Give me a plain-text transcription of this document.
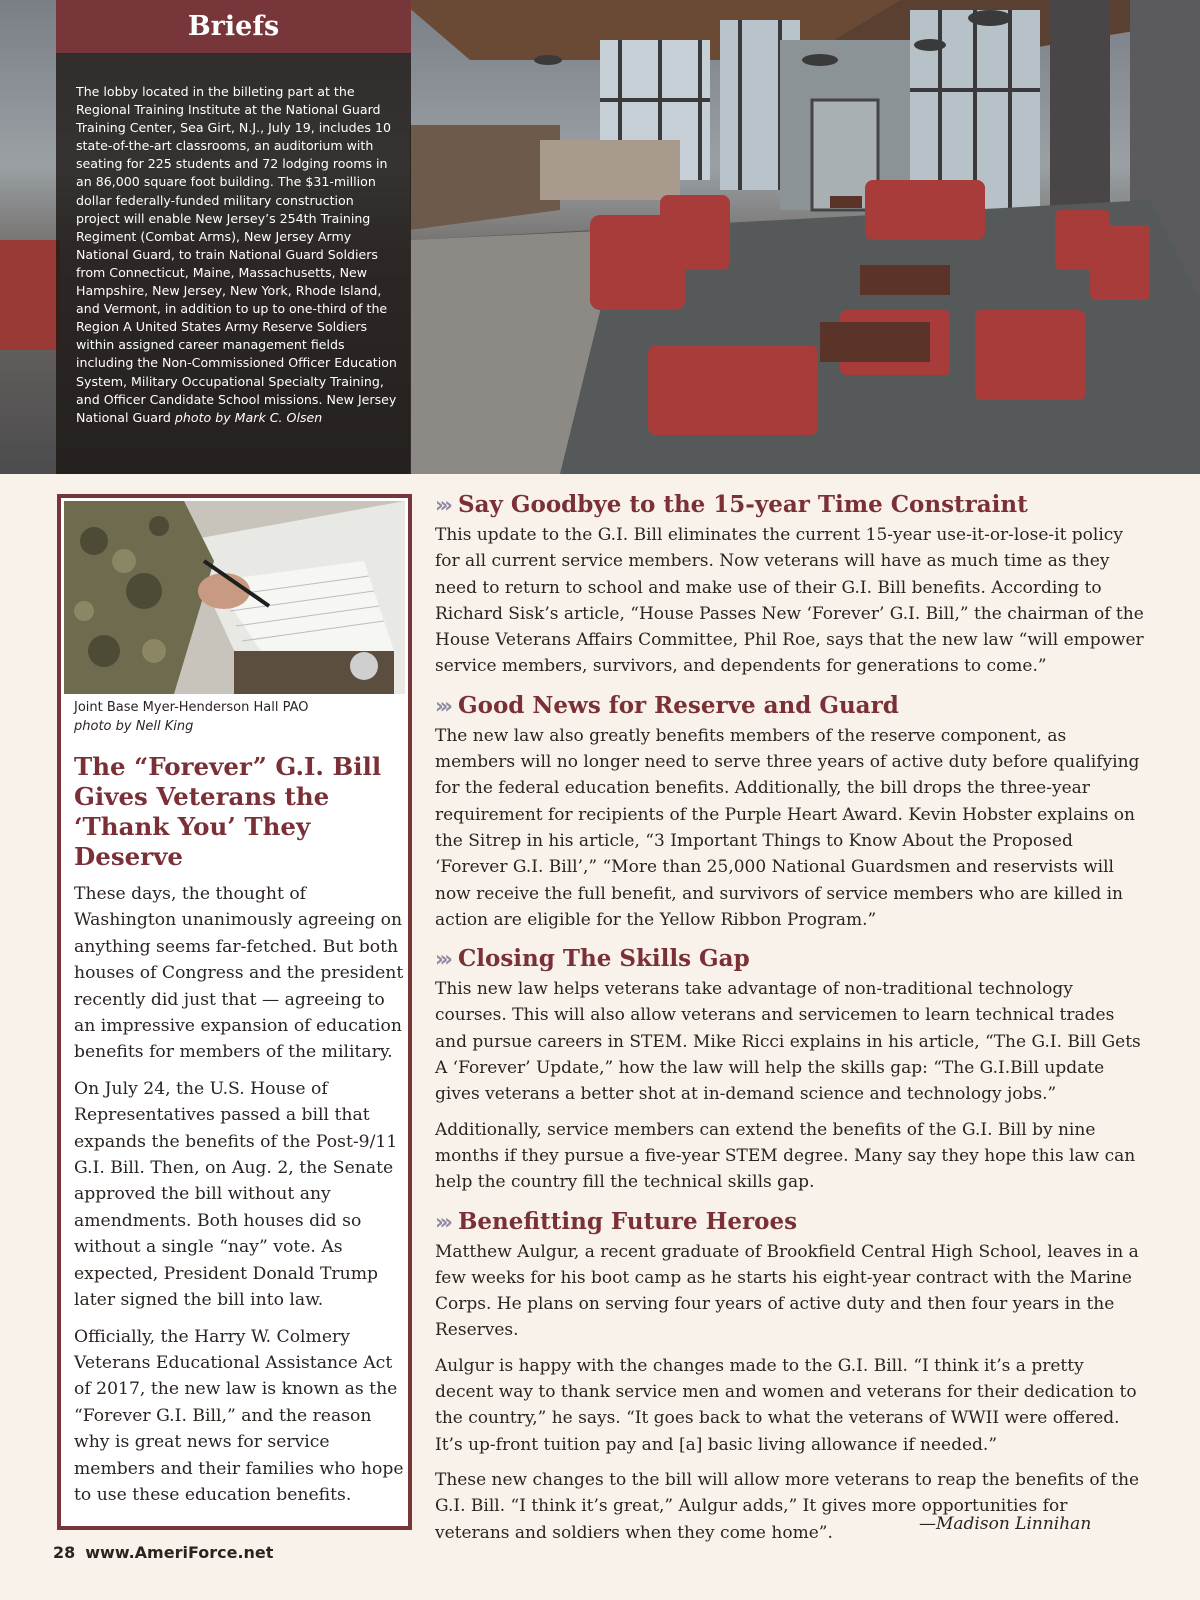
Briefs
The lobby located in the billeting part at the Regional Training Institute at the National Guard Training Center, Sea Girt, N.J., July 19, includes 10 state-of-the-art classrooms, an auditorium with seating for 225 students and 72 lodging rooms in an 86,000 square foot building. The $31-million dollar federally-funded military construction project will enable New Jersey’s 254th Training Regiment (Combat Arms), New Jersey Army National Guard, to train National Guard Soldiers from Connecticut, Maine, Massachusetts, New Hampshire, New Jersey, New York, Rhode Island, and Vermont, in addition to up to one-third of the Region A United States Army Reserve Soldiers within assigned career management fields including the Non-Commissioned Officer Education System, Military Occupational Specialty Training, and Officer Candidate School missions. New Jersey National Guard photo by Mark C. Olsen
Joint Base Myer-Henderson Hall PAO
photo by Nell King
The “Forever” G.I. Bill Gives Veterans the ‘Thank You’ They Deserve

These days, the thought of Washington unanimously agreeing on anything seems far-fetched. But both houses of Congress and the president recently did just that — agreeing to an impressive expansion of education benefits for members of the military.

On July 24, the U.S. House of Representatives passed a bill that expands the benefits of the Post-9/11 G.I. Bill. Then, on Aug. 2, the Senate approved the bill without any amendments. Both houses did so without a single “nay” vote. As expected, President Donald Trump later signed the bill into law.

Officially, the Harry W. Colmery Veterans Educational Assistance Act of 2017, the new law is known as the “Forever G.I. Bill,” and the reason why is great news for service members and their families who hope to use these education benefits.

››› Say Goodbye to the 15-year Time Constraint

This update to the G.I. Bill eliminates the current 15-year use-it-or-lose-it policy for all current service members. Now veterans will have as much time as they need to return to school and make use of their G.I. Bill benefits. According to Richard Sisk’s article, “House Passes New ‘Forever’ G.I. Bill,” the chairman of the House Veterans Affairs Committee, Phil Roe, says that the new law “will empower service members, survivors, and dependents for generations to come.”

››› Good News for Reserve and Guard

The new law also greatly benefits members of the reserve component, as members will no longer need to serve three years of active duty before qualifying for the federal education benefits. Additionally, the bill drops the three-year requirement for recipients of the Purple Heart Award. Kevin Hobster explains on the Sitrep in his article, “3 Important Things to Know About the Proposed ‘Forever G.I. Bill’,” “More than 25,000 National Guardsmen and reservists will now receive the full benefit, and survivors of service members who are killed in action are eligible for the Yellow Ribbon Program.”

››› Closing The Skills Gap

This new law helps veterans take advantage of non-traditional technology courses. This will also allow veterans and servicemen to learn technical trades and pursue careers in STEM. Mike Ricci explains in his article, “The G.I. Bill Gets A ‘Forever’ Update,” how the law will help the skills gap: “The G.I.Bill update gives veterans a better shot at in-demand science and technology jobs.”

Additionally, service members can extend the benefits of the G.I. Bill by nine months if they pursue a five-year STEM degree. Many say they hope this law can help the country fill the technical skills gap.

››› Benefitting Future Heroes

Matthew Aulgur, a recent graduate of Brookfield Central High School, leaves in a few weeks for his boot camp as he starts his eight-year contract with the Marine Corps. He plans on serving four years of active duty and then four years in the Reserves.

Aulgur is happy with the changes made to the G.I. Bill. “I think it’s a pretty decent way to thank service men and women and veterans for their dedication to the country,” he says. “It goes back to what the veterans of WWII were offered. It’s up-front tuition pay and [a] basic living allowance if needed.”

These new changes to the bill will allow more veterans to reap the benefits of the G.I. Bill. “I think it’s great,” Aulgur adds,” It gives more opportunities for veterans and soldiers when they come home”.	—Madison Linnihan
28 www.AmeriForce.net
